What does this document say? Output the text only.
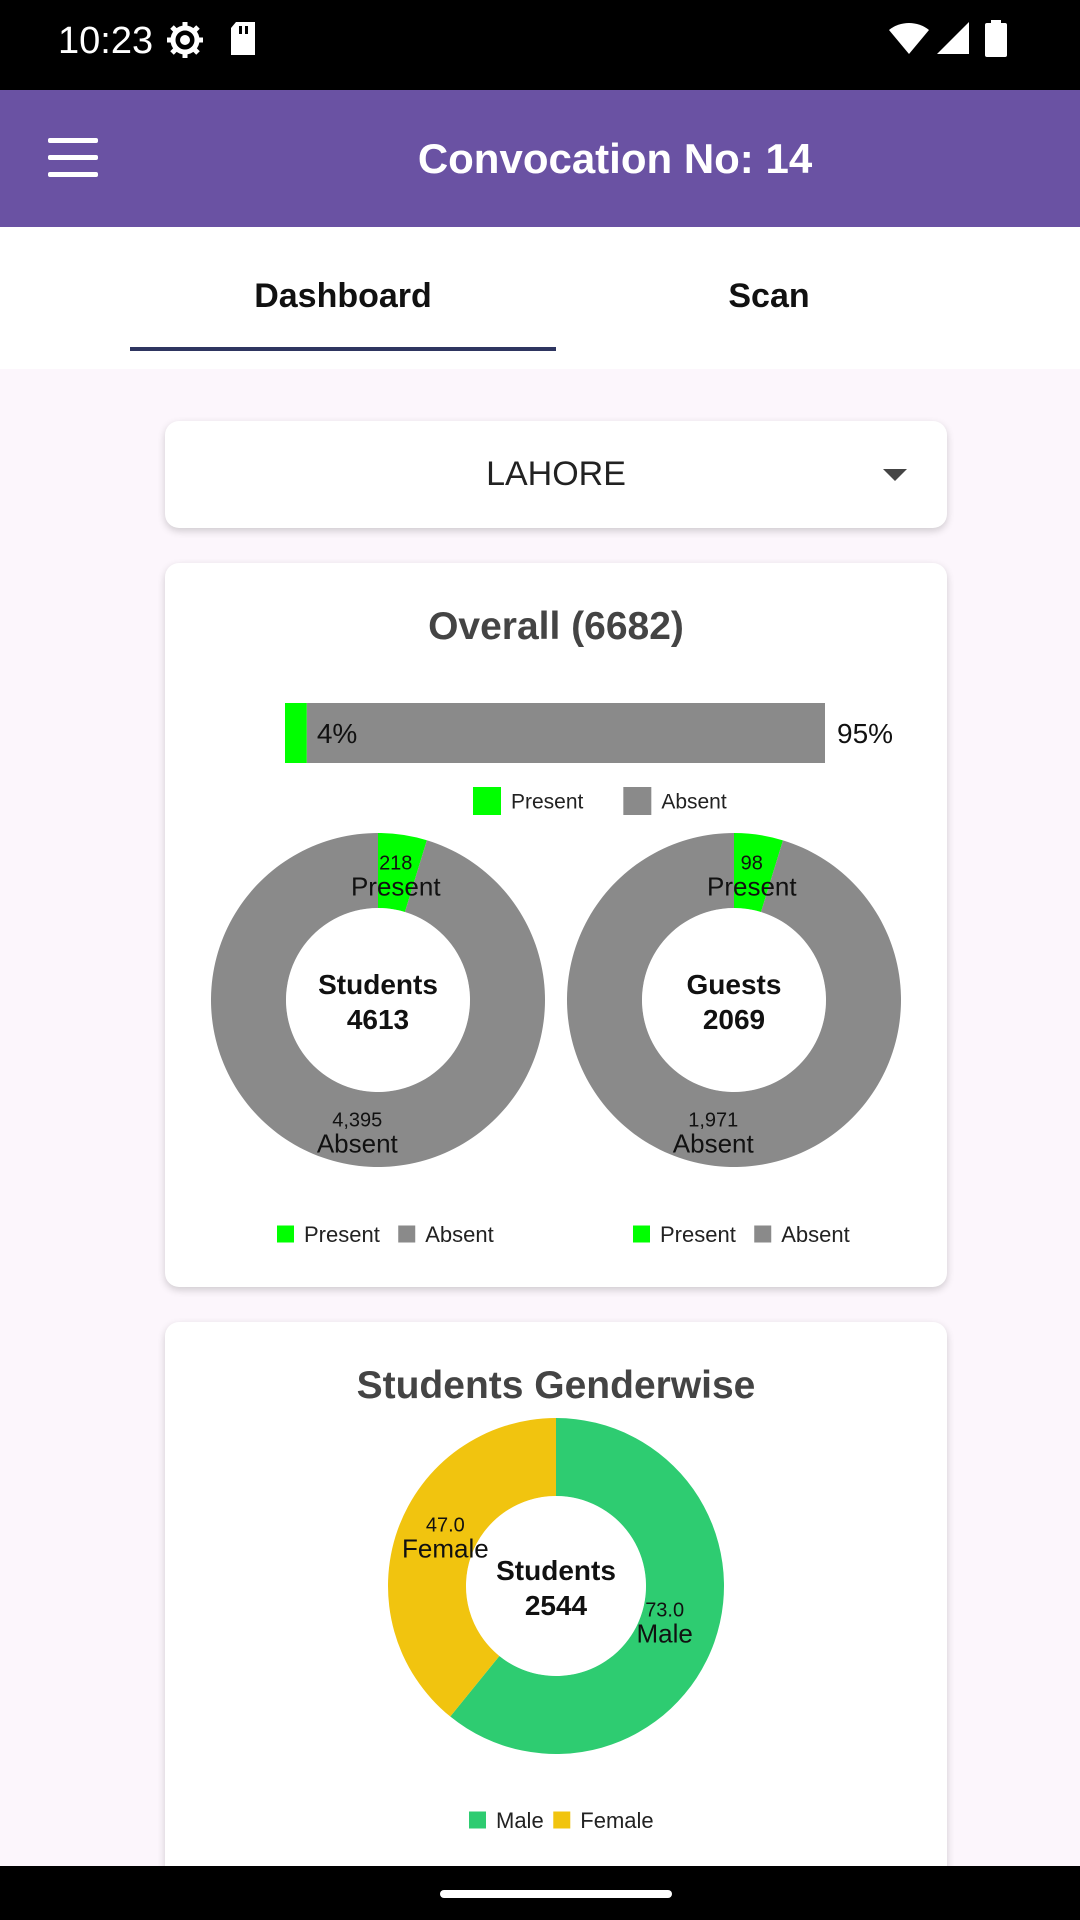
10:23
Convocation No: 14
Dashboard	Scan
LAHORE
Overall (6682)
4%	95%
Present	Absent
Students
4613
218
Present
4,395
Absent
Guests
2069
98
Present
1,971
Absent
Present Absent	Present Absent
Students Genderwise
Students
2544	73.0
Male
47.0
Female
Male Female
